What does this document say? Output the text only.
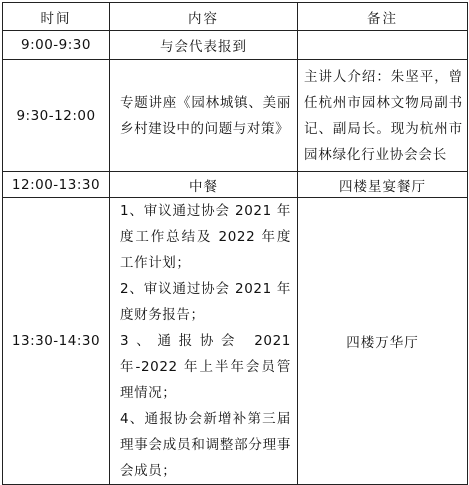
时间	内容	备注
9:00-9:30	与会代表报到	
9:30-12:00	专题讲座《园林城镇、美丽乡村建设中的问题与对策》	主讲人介绍：朱坚平，曾任杭州市园林文物局副书记、副局长。现为杭州市园林绿化行业协会会长
12:00-13:30	中餐	四楼星宴餐厅
13:30-14:30	1、审议通过协会 2021 年度工作总结及 2022 年度工作计划；
2、审议通过协会 2021 年度财务报告；
3、通报协会 2021 年-2022 年上半年会员管理情况；
4、通报协会新增补第三届理事会成员和调整部分理事会成员；	四楼万华厅
